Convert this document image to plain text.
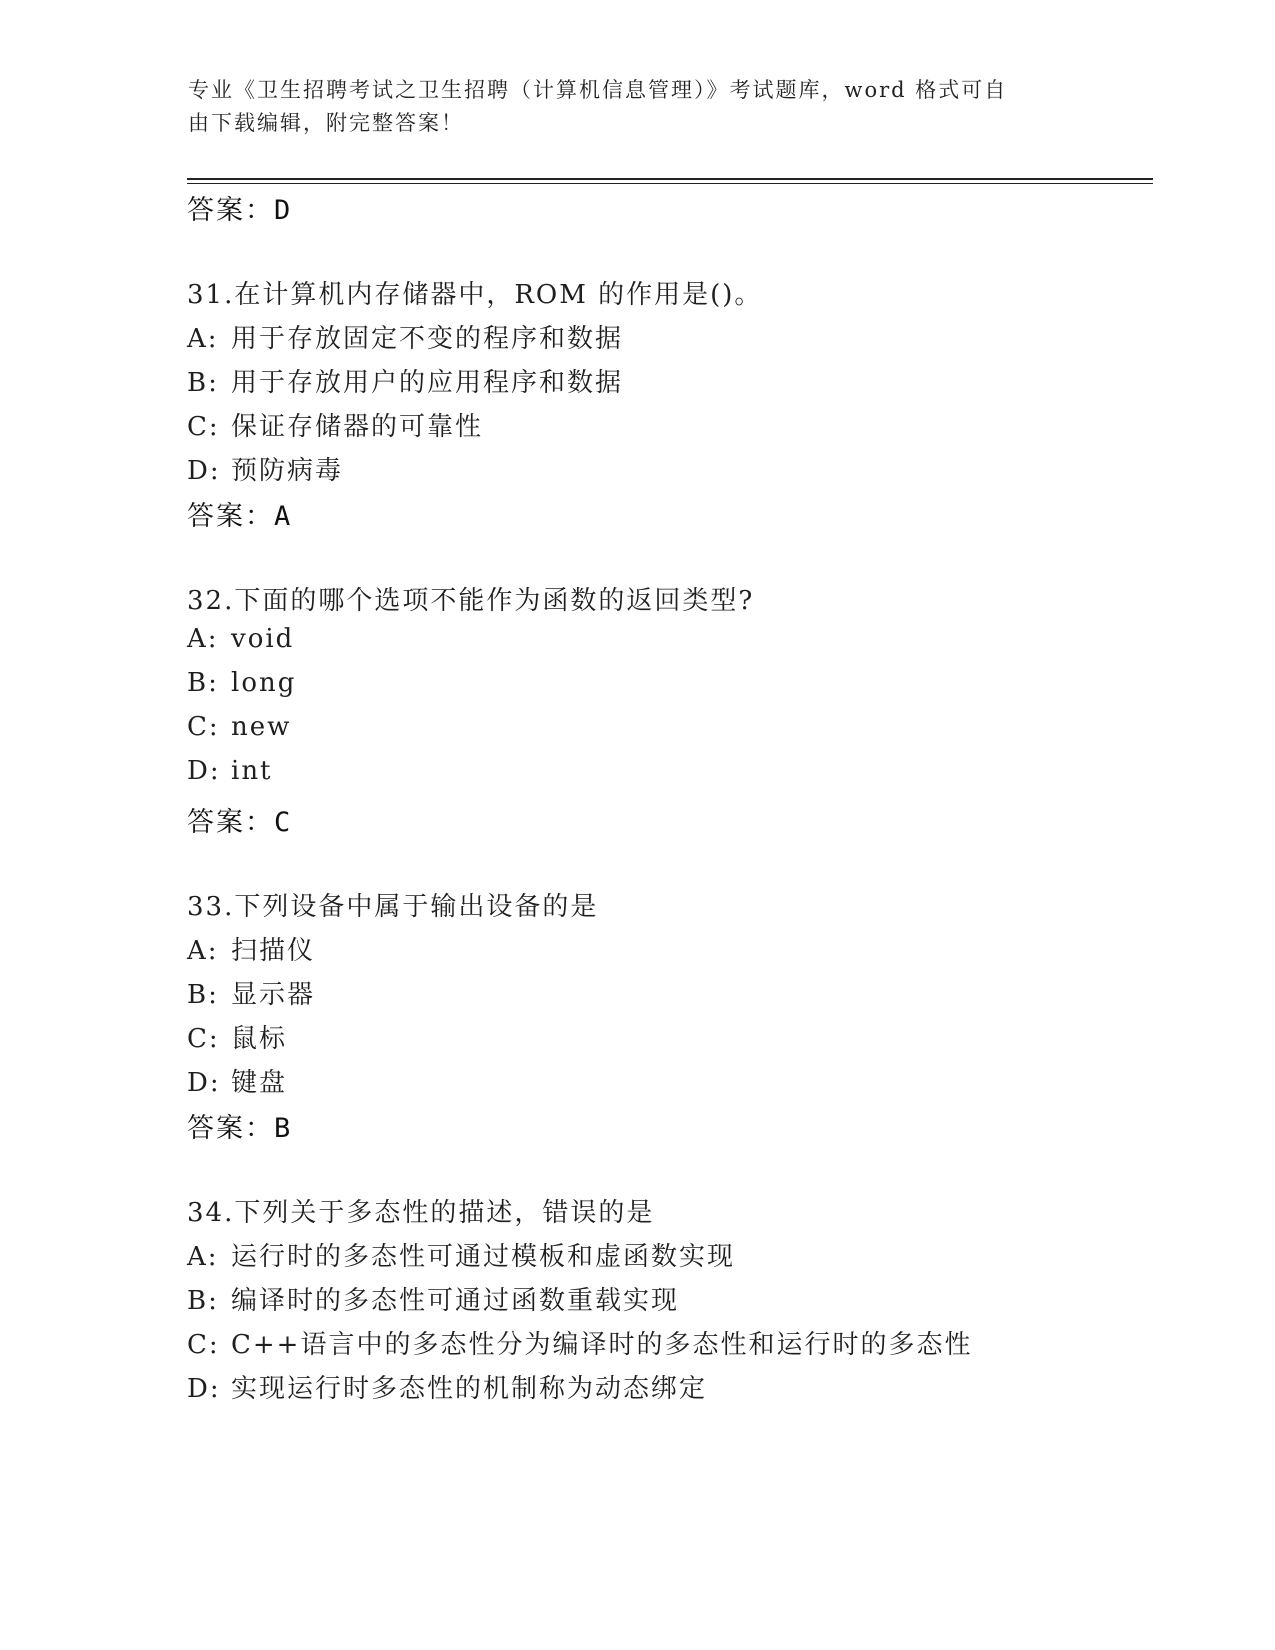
专业《卫生招聘考试之卫生招聘（计算机信息管理）》考试题库，word 格式可自
由下载编辑，附完整答案！
答案：D
31.在计算机内存储器中，ROM 的作用是()。
A: 用于存放固定不变的程序和数据
B: 用于存放用户的应用程序和数据
C: 保证存储器的可靠性
D: 预防病毒
答案：A
32.下面的哪个选项不能作为函数的返回类型?
A: void
B: long
C: new
D: int
答案：C
33.下列设备中属于输出设备的是
A: 扫描仪
B: 显示器
C: 鼠标
D: 键盘
答案：B
34.下列关于多态性的描述，错误的是
A: 运行时的多态性可通过模板和虚函数实现
B: 编译时的多态性可通过函数重载实现
C: C++语言中的多态性分为编译时的多态性和运行时的多态性
D: 实现运行时多态性的机制称为动态绑定
